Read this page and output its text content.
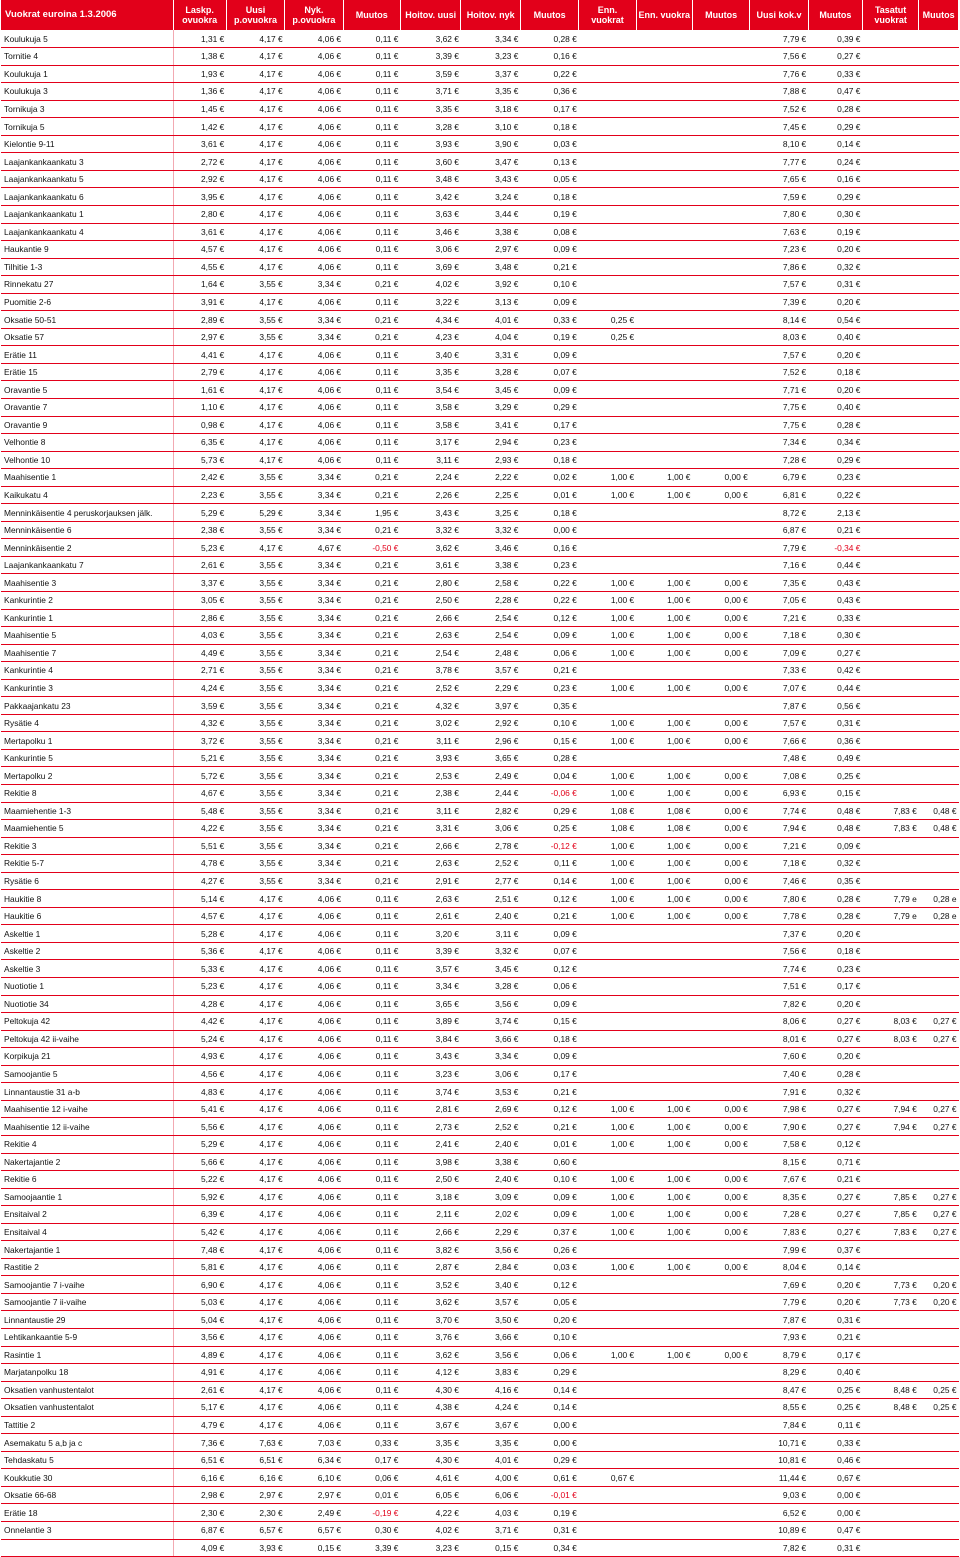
Vuokrat euroina 1.3.2006	Laskp. ovuokra	Uusi p.ovuokra	Nyk. p.ovuokra	Muutos	Hoitov. uusi	Hoitov. nyk	Muutos	Enn. vuokrat	Enn. vuokra	Muutos	Uusi kok.v	Muutos	Tasatut vuokrat	Muutos
Koulukuja 5	1,31 €	4,17 €	4,06 €	0,11 €	3,62 €	3,34 €	0,28 €				7,79 €	0,39 €		
Tornitie 4	1,38 €	4,17 €	4,06 €	0,11 €	3,39 €	3,23 €	0,16 €				7,56 €	0,27 €		
Koulukuja 1	1,93 €	4,17 €	4,06 €	0,11 €	3,59 €	3,37 €	0,22 €				7,76 €	0,33 €		
Koulukuja 3	1,36 €	4,17 €	4,06 €	0,11 €	3,71 €	3,35 €	0,36 €				7,88 €	0,47 €		
Tornikuja 3	1,45 €	4,17 €	4,06 €	0,11 €	3,35 €	3,18 €	0,17 €				7,52 €	0,28 €		
Tornikuja 5	1,42 €	4,17 €	4,06 €	0,11 €	3,28 €	3,10 €	0,18 €				7,45 €	0,29 €		
Kielontie 9-11	3,61 €	4,17 €	4,06 €	0,11 €	3,93 €	3,90 €	0,03 €				8,10 €	0,14 €		
Laajankankaankatu 3	2,72 €	4,17 €	4,06 €	0,11 €	3,60 €	3,47 €	0,13 €				7,77 €	0,24 €		
Laajankankaankatu 5	2,92 €	4,17 €	4,06 €	0,11 €	3,48 €	3,43 €	0,05 €				7,65 €	0,16 €		
Laajankankaankatu 6	3,95 €	4,17 €	4,06 €	0,11 €	3,42 €	3,24 €	0,18 €				7,59 €	0,29 €		
Laajankankaankatu 1	2,80 €	4,17 €	4,06 €	0,11 €	3,63 €	3,44 €	0,19 €				7,80 €	0,30 €		
Laajankankaankatu 4	3,61 €	4,17 €	4,06 €	0,11 €	3,46 €	3,38 €	0,08 €				7,63 €	0,19 €		
Haukantie 9	4,57 €	4,17 €	4,06 €	0,11 €	3,06 €	2,97 €	0,09 €				7,23 €	0,20 €		
Tilhitie 1-3	4,55 €	4,17 €	4,06 €	0,11 €	3,69 €	3,48 €	0,21 €				7,86 €	0,32 €		
Rinnekatu 27	1,64 €	3,55 €	3,34 €	0,21 €	4,02 €	3,92 €	0,10 €				7,57 €	0,31 €		
Puomitie 2-6	3,91 €	4,17 €	4,06 €	0,11 €	3,22 €	3,13 €	0,09 €				7,39 €	0,20 €		
Oksatie 50-51	2,89 €	3,55 €	3,34 €	0,21 €	4,34 €	4,01 €	0,33 €	0,25 €			8,14 €	0,54 €		
Oksatie 57	2,97 €	3,55 €	3,34 €	0,21 €	4,23 €	4,04 €	0,19 €	0,25 €			8,03 €	0,40 €		
Erätie 11	4,41 €	4,17 €	4,06 €	0,11 €	3,40 €	3,31 €	0,09 €				7,57 €	0,20 €		
Erätie 15	2,79 €	4,17 €	4,06 €	0,11 €	3,35 €	3,28 €	0,07 €				7,52 €	0,18 €		
Oravantie 5	1,61 €	4,17 €	4,06 €	0,11 €	3,54 €	3,45 €	0,09 €				7,71 €	0,20 €		
Oravantie 7	1,10 €	4,17 €	4,06 €	0,11 €	3,58 €	3,29 €	0,29 €				7,75 €	0,40 €		
Oravantie 9	0,98 €	4,17 €	4,06 €	0,11 €	3,58 €	3,41 €	0,17 €				7,75 €	0,28 €		
Velhontie 8	6,35 €	4,17 €	4,06 €	0,11 €	3,17 €	2,94 €	0,23 €				7,34 €	0,34 €		
Velhontie 10	5,73 €	4,17 €	4,06 €	0,11 €	3,11 €	2,93 €	0,18 €				7,28 €	0,29 €		
Maahisentie 1	2,42 €	3,55 €	3,34 €	0,21 €	2,24 €	2,22 €	0,02 €	1,00 €	1,00 €	0,00 €	6,79 €	0,23 €		
Kaikukatu 4	2,23 €	3,55 €	3,34 €	0,21 €	2,26 €	2,25 €	0,01 €	1,00 €	1,00 €	0,00 €	6,81 €	0,22 €		
Menninkäisentie 4 peruskorjauksen jälk.	5,29 €	5,29 €	3,34 €	1,95 €	3,43 €	3,25 €	0,18 €				8,72 €	2,13 €		
Menninkäisentie 6	2,38 €	3,55 €	3,34 €	0,21 €	3,32 €	3,32 €	0,00 €				6,87 €	0,21 €		
Menninkäisentie 2	5,23 €	4,17 €	4,67 €	-0,50 €	3,62 €	3,46 €	0,16 €				7,79 €	-0,34 €		
Laajankankaankatu 7	2,61 €	3,55 €	3,34 €	0,21 €	3,61 €	3,38 €	0,23 €				7,16 €	0,44 €		
Maahisentie 3	3,37 €	3,55 €	3,34 €	0,21 €	2,80 €	2,58 €	0,22 €	1,00 €	1,00 €	0,00 €	7,35 €	0,43 €		
Kankurintie 2	3,05 €	3,55 €	3,34 €	0,21 €	2,50 €	2,28 €	0,22 €	1,00 €	1,00 €	0,00 €	7,05 €	0,43 €		
Kankurintie 1	2,86 €	3,55 €	3,34 €	0,21 €	2,66 €	2,54 €	0,12 €	1,00 €	1,00 €	0,00 €	7,21 €	0,33 €		
Maahisentie 5	4,03 €	3,55 €	3,34 €	0,21 €	2,63 €	2,54 €	0,09 €	1,00 €	1,00 €	0,00 €	7,18 €	0,30 €		
Maahisentie 7	4,49 €	3,55 €	3,34 €	0,21 €	2,54 €	2,48 €	0,06 €	1,00 €	1,00 €	0,00 €	7,09 €	0,27 €		
Kankurintie 4	2,71 €	3,55 €	3,34 €	0,21 €	3,78 €	3,57 €	0,21 €				7,33 €	0,42 €		
Kankurintie 3	4,24 €	3,55 €	3,34 €	0,21 €	2,52 €	2,29 €	0,23 €	1,00 €	1,00 €	0,00 €	7,07 €	0,44 €		
Pakkaajankatu 23	3,59 €	3,55 €	3,34 €	0,21 €	4,32 €	3,97 €	0,35 €				7,87 €	0,56 €		
Rysätie 4	4,32 €	3,55 €	3,34 €	0,21 €	3,02 €	2,92 €	0,10 €	1,00 €	1,00 €	0,00 €	7,57 €	0,31 €		
Mertapolku 1	3,72 €	3,55 €	3,34 €	0,21 €	3,11 €	2,96 €	0,15 €	1,00 €	1,00 €	0,00 €	7,66 €	0,36 €		
Kankurintie 5	5,21 €	3,55 €	3,34 €	0,21 €	3,93 €	3,65 €	0,28 €				7,48 €	0,49 €		
Mertapolku 2	5,72 €	3,55 €	3,34 €	0,21 €	2,53 €	2,49 €	0,04 €	1,00 €	1,00 €	0,00 €	7,08 €	0,25 €		
Rekitie 8	4,67 €	3,55 €	3,34 €	0,21 €	2,38 €	2,44 €	-0,06 €	1,00 €	1,00 €	0,00 €	6,93 €	0,15 €		
Maamiehentie 1-3	5,48 €	3,55 €	3,34 €	0,21 €	3,11 €	2,82 €	0,29 €	1,08 €	1,08 €	0,00 €	7,74 €	0,48 €	7,83 €	0,48 €
Maamiehentie 5	4,22 €	3,55 €	3,34 €	0,21 €	3,31 €	3,06 €	0,25 €	1,08 €	1,08 €	0,00 €	7,94 €	0,48 €	7,83 €	0,48 €
Rekitie 3	5,51 €	3,55 €	3,34 €	0,21 €	2,66 €	2,78 €	-0,12 €	1,00 €	1,00 €	0,00 €	7,21 €	0,09 €		
Rekitie 5-7	4,78 €	3,55 €	3,34 €	0,21 €	2,63 €	2,52 €	0,11 €	1,00 €	1,00 €	0,00 €	7,18 €	0,32 €		
Rysätie 6	4,27 €	3,55 €	3,34 €	0,21 €	2,91 €	2,77 €	0,14 €	1,00 €	1,00 €	0,00 €	7,46 €	0,35 €		
Haukitie 8	5,14 €	4,17 €	4,06 €	0,11 €	2,63 €	2,51 €	0,12 €	1,00 €	1,00 €	0,00 €	7,80 €	0,28 €	7,79 e	0,28 e
Haukitie 6	4,57 €	4,17 €	4,06 €	0,11 €	2,61 €	2,40 €	0,21 €	1,00 €	1,00 €	0,00 €	7,78 €	0,28 €	7,79 e	0,28 e
Askeltie 1	5,28 €	4,17 €	4,06 €	0,11 €	3,20 €	3,11 €	0,09 €				7,37 €	0,20 €		
Askeltie 2	5,36 €	4,17 €	4,06 €	0,11 €	3,39 €	3,32 €	0,07 €				7,56 €	0,18 €		
Askeltie 3	5,33 €	4,17 €	4,06 €	0,11 €	3,57 €	3,45 €	0,12 €				7,74 €	0,23 €		
Nuotiotie 1	5,23 €	4,17 €	4,06 €	0,11 €	3,34 €	3,28 €	0,06 €				7,51 €	0,17 €		
Nuotiotie 34	4,28 €	4,17 €	4,06 €	0,11 €	3,65 €	3,56 €	0,09 €				7,82 €	0,20 €		
Peltokuja 42	4,42 €	4,17 €	4,06 €	0,11 €	3,89 €	3,74 €	0,15 €				8,06 €	0,27 €	8,03 €	0,27 €
Peltokuja 42 ii-vaihe	5,24 €	4,17 €	4,06 €	0,11 €	3,84 €	3,66 €	0,18 €				8,01 €	0,27 €	8,03 €	0,27 €
Korpikuja 21	4,93 €	4,17 €	4,06 €	0,11 €	3,43 €	3,34 €	0,09 €				7,60 €	0,20 €		
Samoojantie 5	4,56 €	4,17 €	4,06 €	0,11 €	3,23 €	3,06 €	0,17 €				7,40 €	0,28 €		
Linnantaustie 31 a-b	4,83 €	4,17 €	4,06 €	0,11 €	3,74 €	3,53 €	0,21 €				7,91 €	0,32 €		
Maahisentie 12 i-vaihe	5,41 €	4,17 €	4,06 €	0,11 €	2,81 €	2,69 €	0,12 €	1,00 €	1,00 €	0,00 €	7,98 €	0,27 €	7,94 €	0,27 €
Maahisentie 12 ii-vaihe	5,56 €	4,17 €	4,06 €	0,11 €	2,73 €	2,52 €	0,21 €	1,00 €	1,00 €	0,00 €	7,90 €	0,27 €	7,94 €	0,27 €
Rekitie 4	5,29 €	4,17 €	4,06 €	0,11 €	2,41 €	2,40 €	0,01 €	1,00 €	1,00 €	0,00 €	7,58 €	0,12 €		
Nakertajantie 2	5,66 €	4,17 €	4,06 €	0,11 €	3,98 €	3,38 €	0,60 €				8,15 €	0,71 €		
Rekitie 6	5,22 €	4,17 €	4,06 €	0,11 €	2,50 €	2,40 €	0,10 €	1,00 €	1,00 €	0,00 €	7,67 €	0,21 €		
Samoojaantie 1	5,92 €	4,17 €	4,06 €	0,11 €	3,18 €	3,09 €	0,09 €	1,00 €	1,00 €	0,00 €	8,35 €	0,27 €	7,85 €	0,27 €
Ensitaival 2	6,39 €	4,17 €	4,06 €	0,11 €	2,11 €	2,02 €	0,09 €	1,00 €	1,00 €	0,00 €	7,28 €	0,27 €	7,85 €	0,27 €
Ensitaival 4	5,42 €	4,17 €	4,06 €	0,11 €	2,66 €	2,29 €	0,37 €	1,00 €	1,00 €	0,00 €	7,83 €	0,27 €	7,83 €	0,27 €
Nakertajantie 1	7,48 €	4,17 €	4,06 €	0,11 €	3,82 €	3,56 €	0,26 €				7,99 €	0,37 €		
Rastitie 2	5,81 €	4,17 €	4,06 €	0,11 €	2,87 €	2,84 €	0,03 €	1,00 €	1,00 €	0,00 €	8,04 €	0,14 €		
Samoojantie 7 i-vaihe	6,90 €	4,17 €	4,06 €	0,11 €	3,52 €	3,40 €	0,12 €				7,69 €	0,20 €	7,73 €	0,20 €
Samoojantie 7 ii-vaihe	5,03 €	4,17 €	4,06 €	0,11 €	3,62 €	3,57 €	0,05 €				7,79 €	0,20 €	7,73 €	0,20 €
Linnantaustie 29	5,04 €	4,17 €	4,06 €	0,11 €	3,70 €	3,50 €	0,20 €				7,87 €	0,31 €		
Lehtikankaantie 5-9	3,56 €	4,17 €	4,06 €	0,11 €	3,76 €	3,66 €	0,10 €				7,93 €	0,21 €		
Rasintie 1	4,89 €	4,17 €	4,06 €	0,11 €	3,62 €	3,56 €	0,06 €	1,00 €	1,00 €	0,00 €	8,79 €	0,17 €		
Marjatanpolku 18	4,91 €	4,17 €	4,06 €	0,11 €	4,12 €	3,83 €	0,29 €				8,29 €	0,40 €		
Oksatien vanhustentalot	2,61 €	4,17 €	4,06 €	0,11 €	4,30 €	4,16 €	0,14 €				8,47 €	0,25 €	8,48 €	0,25 €
Oksatien vanhustentalot	5,17 €	4,17 €	4,06 €	0,11 €	4,38 €	4,24 €	0,14 €				8,55 €	0,25 €	8,48 €	0,25 €
Tattitie 2	4,79 €	4,17 €	4,06 €	0,11 €	3,67 €	3,67 €	0,00 €				7,84 €	0,11 €		
Asemakatu 5 a,b ja c	7,36 €	7,63 €	7,03 €	0,33 €	3,35 €	3,35 €	0,00 €				10,71 €	0,33 €		
Tehdaskatu 5	6,51 €	6,51 €	6,34 €	0,17 €	4,30 €	4,01 €	0,29 €				10,81 €	0,46 €		
Koukkutie 30	6,16 €	6,16 €	6,10 €	0,06 €	4,61 €	4,00 €	0,61 €	0,67 €			11,44 €	0,67 €		
Oksatie 66-68	2,98 €	2,97 €	2,97 €	0,01 €	6,05 €	6,06 €	-0,01 €				9,03 €	0,00 €		
Erätie 18	2,30 €	2,30 €	2,49 €	-0,19 €	4,22 €	4,03 €	0,19 €				6,52 €	0,00 €		
Onnelantie 3	6,87 €	6,57 €	6,57 €	0,30 €	4,02 €	3,71 €	0,31 €				10,89 €	0,47 €		
	4,09 €	3,93 €	0,15 €	3,39 €	3,23 €	0,15 €	0,34 €				7,82 €	0,31 €		
